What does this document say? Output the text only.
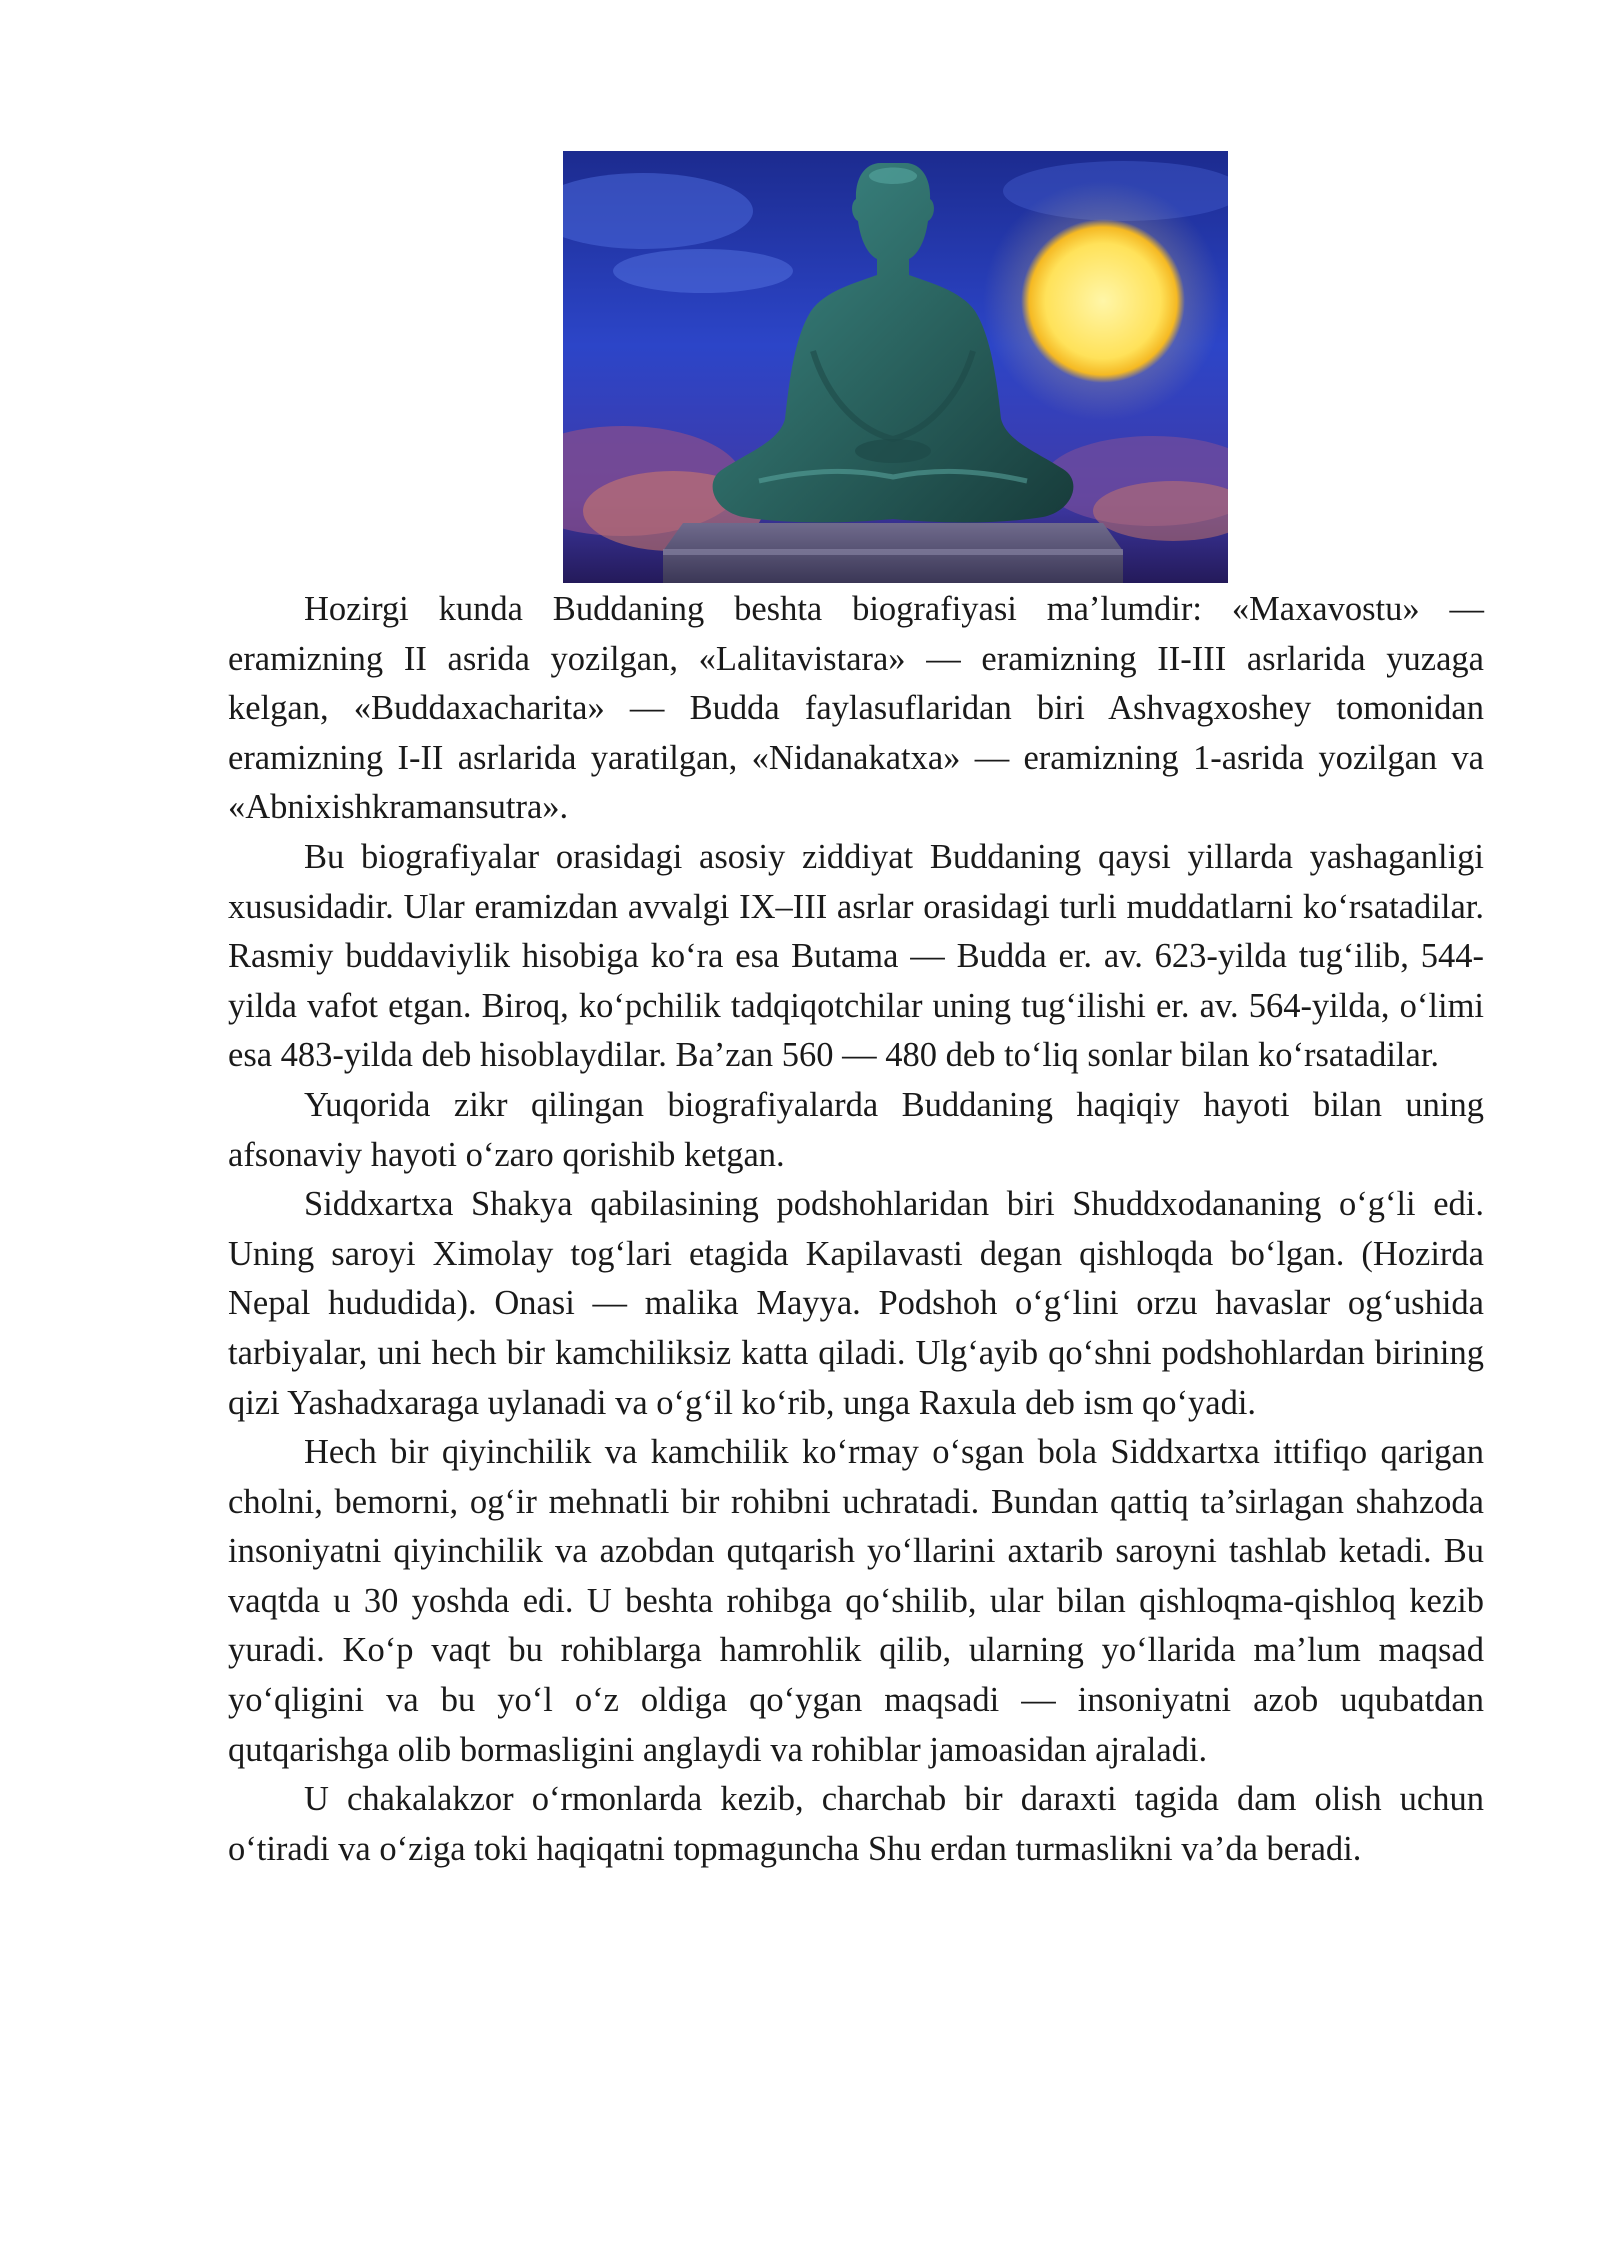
Hozirgi kunda Buddaning beshta biografiyasi ma’lumdir: «Maxavostu» — eramizning II asrida yozilgan, «Lalitavistara» — eramizning II-III asrlarida yuzaga kelgan, «Buddaxacharita» — Budda faylasuflaridan biri Ashvagxoshey tomonidan eramizning I-II asrlarida yaratilgan, «Nidanakatxa» — eramizning 1-asrida yozilgan va «Abnixishkramansutra».

Bu biografiyalar orasidagi asosiy ziddiyat Buddaning qaysi yillarda yashaganligi xususidadir. Ular eramizdan avvalgi IX–III asrlar orasidagi turli muddatlarni ko‘rsatadilar. Rasmiy buddaviylik hisobiga ko‘ra esa Butama — Budda er. av. 623-yilda tug‘ilib, 544-yilda vafot etgan. Biroq, ko‘pchilik tadqiqotchilar uning tug‘ilishi er. av. 564-yilda, o‘limi esa 483-yilda deb hisoblaydilar. Ba’zan 560 — 480 deb to‘liq sonlar bilan ko‘rsatadilar.

Yuqorida zikr qilingan biografiyalarda Buddaning haqiqiy hayoti bilan uning afsonaviy hayoti o‘zaro qorishib ketgan.

Siddxartxa Shakya qabilasining podshohlaridan biri Shuddxodananing o‘g‘li edi. Uning saroyi Ximolay tog‘lari etagida Kapilavasti degan qishloqda bo‘lgan. (Hozirda Nepal hududida). Onasi — malika Mayya. Podshoh o‘g‘lini orzu havaslar og‘ushida tarbiyalar, uni hech bir kamchiliksiz katta qiladi. Ulg‘ayib qo‘shni podshohlardan birining qizi Yashadxaraga uylanadi va o‘g‘il ko‘rib, unga Raxula deb ism qo‘yadi.

Hech bir qiyinchilik va kamchilik ko‘rmay o‘sgan bola Siddxartxa ittifiqo qarigan cholni, bemorni, og‘ir mehnatli bir rohibni uchratadi. Bundan qattiq ta’sirlagan shahzoda insoniyatni qiyinchilik va azobdan qutqarish yo‘llarini axtarib saroyni tashlab ketadi. Bu vaqtda u 30 yoshda edi. U beshta rohibga qo‘shilib, ular bilan qishloqma-qishloq kezib yuradi. Ko‘p vaqt bu rohiblarga hamrohlik qilib, ularning yo‘llarida ma’lum maqsad yo‘qligini va bu yo‘l o‘z oldiga qo‘ygan maqsadi — insoniyatni azob uqubatdan qutqarishga olib bormasligini anglaydi va rohiblar jamoasidan ajraladi.

U chakalakzor o‘rmonlarda kezib, charchab bir daraxti tagida dam olish uchun o‘tiradi va o‘ziga toki haqiqatni topmaguncha Shu erdan turmaslikni va’da beradi.
